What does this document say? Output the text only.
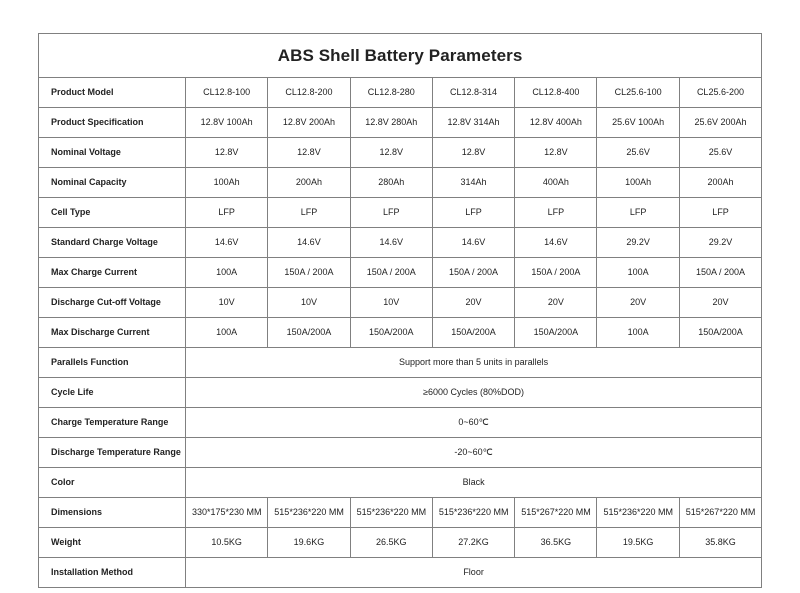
ABS Shell Battery Parameters							
Product Model	CL12.8-100	CL12.8-200	CL12.8-280	CL12.8-314	CL12.8-400	CL25.6-100	CL25.6-200
Product Specification	12.8V 100Ah	12.8V 200Ah	12.8V 280Ah	12.8V 314Ah	12.8V 400Ah	25.6V 100Ah	25.6V 200Ah
Nominal Voltage	12.8V	12.8V	12.8V	12.8V	12.8V	25.6V	25.6V
Nominal Capacity	100Ah	200Ah	280Ah	314Ah	400Ah	100Ah	200Ah
Cell Type	LFP	LFP	LFP	LFP	LFP	LFP	LFP
Standard Charge Voltage	14.6V	14.6V	14.6V	14.6V	14.6V	29.2V	29.2V
Max Charge Current	100A	150A / 200A	150A / 200A	150A / 200A	150A / 200A	100A	150A / 200A
Discharge Cut-off Voltage	10V	10V	10V	20V	20V	20V	20V
Max Discharge Current	100A	150A/200A	150A/200A	150A/200A	150A/200A	100A	150A/200A
Parallels Function	Support more than 5 units in parallels						
Cycle Life	≥6000 Cycles (80%DOD)						
Charge Temperature Range	0~60℃						
Discharge Temperature Range	-20~60℃						
Color	Black						
Dimensions	330*175*230 MM	515*236*220 MM	515*236*220 MM	515*236*220 MM	515*267*220 MM	515*236*220 MM	515*267*220 MM
Weight	10.5KG	19.6KG	26.5KG	27.2KG	36.5KG	19.5KG	35.8KG
Installation Method	Floor						
